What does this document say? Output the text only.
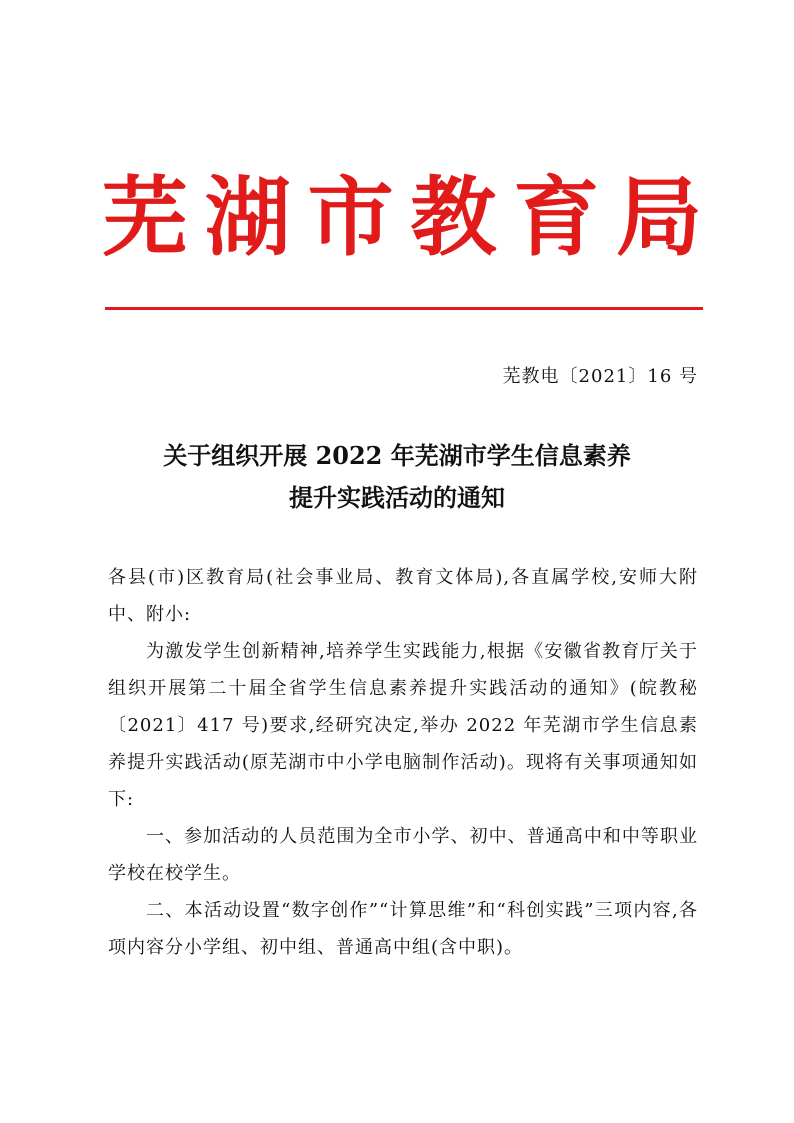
芜 湖 市 教 育 局
芜教电〔2021〕16 号
关于组织开展 2022 年芜湖市学生信息素养
提升实践活动的通知

各县(市)区教育局(社会事业局、教育文体局),各直属学校,安师大附中、附小:

为激发学生创新精神,培养学生实践能力,根据《安徽省教育厅关于组织开展第二十届全省学生信息素养提升实践活动的通知》(皖教秘〔2021〕417 号)要求,经研究决定,举办 2022 年芜湖市学生信息素养提升实践活动(原芜湖市中小学电脑制作活动)。现将有关事项通知如下:

一、参加活动的人员范围为全市小学、初中、普通高中和中等职业学校在校学生。

二、本活动设置“数字创作”“计算思维”和“科创实践”三项内容,各项内容分小学组、初中组、普通高中组(含中职)。
